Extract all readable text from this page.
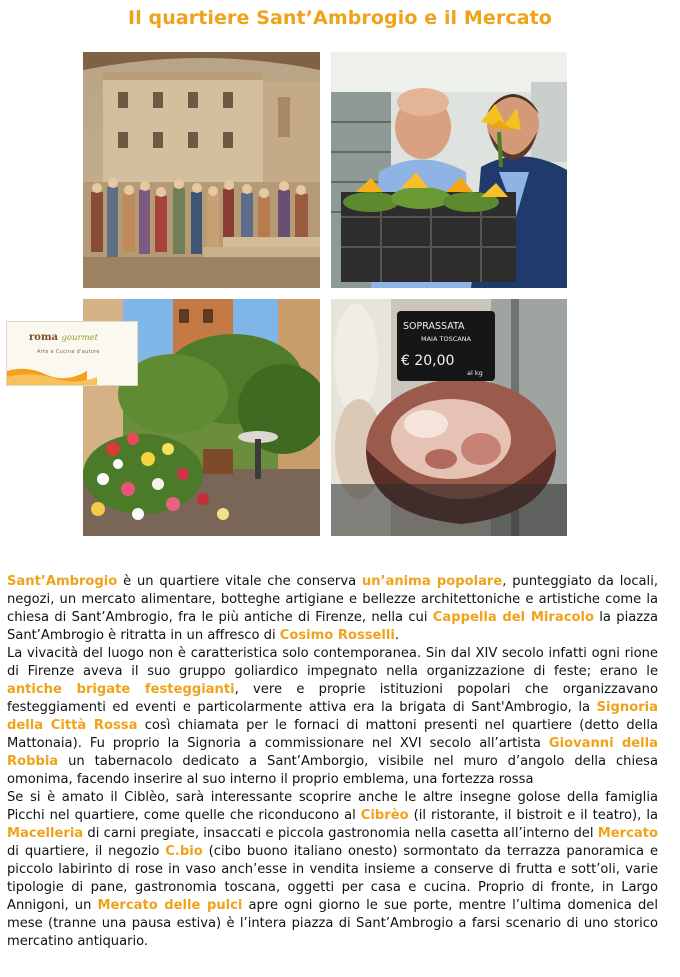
Il quartiere Sant’Ambrogio e il Mercato
SOPRASSATA
MAIA TOSCANA
€ 20,00
al kg
roma gourmet
Arte e Cucina d'autore

Sant’Ambrogio è un quartiere vitale che conserva un’anima popolare, punteggiato da locali, negozi, un mercato alimentare, botteghe artigiane e bellezze architettoniche e artistiche come la chiesa di Sant’Ambrogio, fra le più antiche di Firenze, nella cui Cappella del Miracolo la piazza Sant’Ambrogio è ritratta in un affresco di Cosimo Rosselli.

La vivacità del luogo non è caratteristica solo contemporanea. Sin dal XIV secolo infatti ogni rione di Firenze aveva il suo gruppo goliardico impegnato nella organizzazione di feste; erano le antiche brigate festeggianti, vere e proprie istituzioni popolari che organizzavano festeggiamenti ed eventi e particolarmente attiva era la brigata di Sant'Ambrogio, la Signoria della Città Rossa così chiamata per le fornaci di mattoni presenti nel quartiere (detto della Mattonaia). Fu proprio la Signoria a commissionare nel XVI secolo all’artista Giovanni della Robbia un tabernacolo dedicato a Sant’Amborgio, visibile nel muro d’angolo della chiesa omonima, facendo inserire al suo interno il proprio emblema, una fortezza rossa

Se si è amato il Ciblèo, sarà interessante scoprire anche le altre insegne golose della famiglia Picchi nel quartiere, come quelle che riconducono al Cibrèo (il ristorante, il bistroit e il teatro), la Macelleria di carni pregiate, insaccati e piccola gastronomia nella casetta all’interno del Mercato di quartiere, il negozio C.bio (cibo buono italiano onesto) sormontato da terrazza panoramica e piccolo labirinto di rose in vaso anch’esse in vendita insieme a conserve di frutta e sott’oli, varie tipologie di pane, gastronomia toscana, oggetti per casa e cucina. Proprio di fronte, in Largo Annigoni, un Mercato delle pulci apre ogni giorno le sue porte, mentre l’ultima domenica del mese (tranne una pausa estiva) è l’intera piazza di Sant’Ambrogio a farsi scenario di uno storico mercatino antiquario.
